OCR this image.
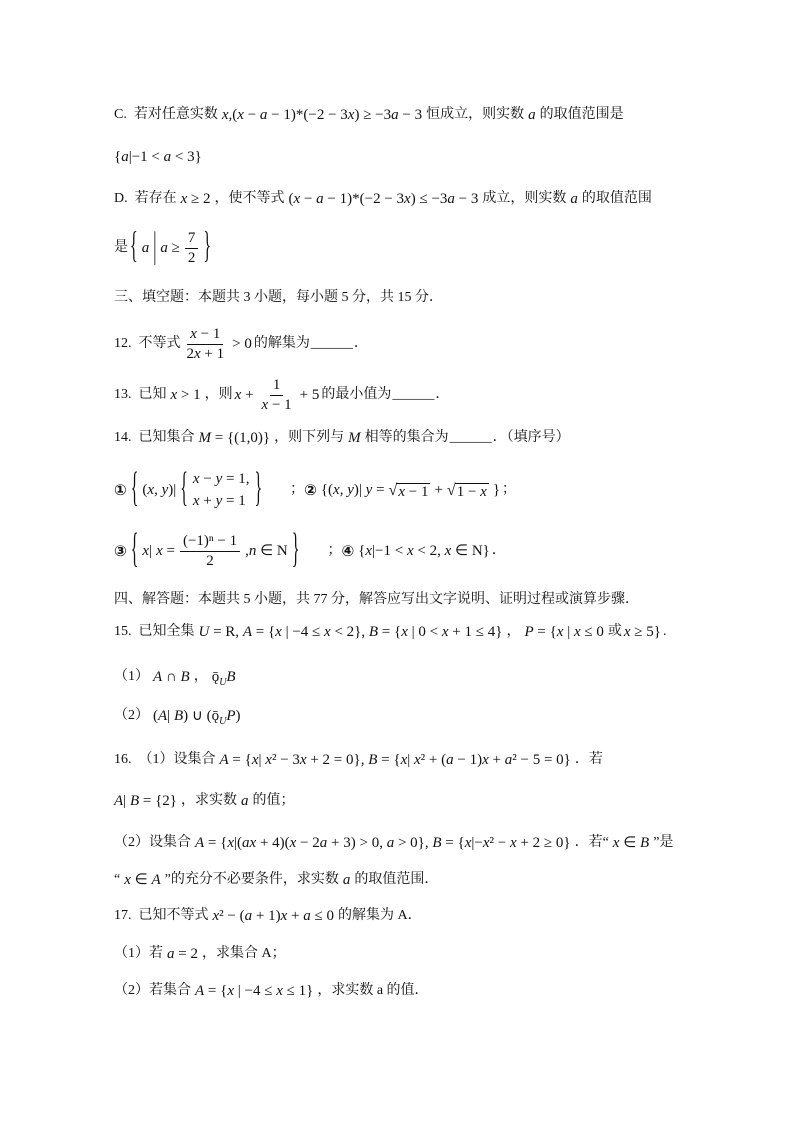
C. 若对任意实数 x,(x − a − 1)*(−2 − 3x) ≥ −3a − 3 恒成立，则实数 a 的取值范围是
{a|−1 < a < 3}
D. 若存在 x ≥ 2 ，使不等式 (x − a − 1)*(−2 − 3x) ≤ −3a − 3 成立，则实数 a 的取值范围
是 { a | $a \ge \frac{7}{2}$ }
三、填空题：本题共 3 小题，每小题 5 分，共 15 分．
12. 不等式 $\frac{x - 1}{2x + 1} > 0$ 的解集为 ______ ．
13. 已知 x > 1 ，则 $x + \frac{1}{x - 1} + 5$ 的最小值为 ______ ．
14. 已知集合 M = {(1,0)} ，则下列与 M 相等的集合为 ______ ．（填序号）
① { (x, y)| { x − y = 1,
x + y = 1 } ； ② {(x, y)| y = √ x − 1 + √ 1 − x } ；
③ { x| $x = \frac{\text{(−1)ⁿ − 1}}{2} ,n$ ∈ N } ； ④ {x|−1 < x < 2, x ∈ N} ．
四、解答题：本题共 5 小题，共 77 分，解答应写出文字说明、证明过程或演算步骤．
15. 已知全集 U = R, A = {x | −4 ≤ x < 2}, B = {x | 0 < x + 1 ≤ 4} ， P = {x | x ≤ 0 或 x ≥ 5} .
（1） A ∩ B ， $ǭ_UB$
（2） (A| B) ∪ $(ǭ_UP)$
16. （1） 设集合 A = {x| x² − 3x + 2 = 0}, B = {x| x² + (a − 1)x + a² − 5 = 0} ．若
A| B = {2} ，求实数 a 的值；
（2） 设集合 A = {x|(ax + 4)(x − 2a + 3) > 0, a > 0}, B = {x|−x² − x + 2 ≥ 0} ．若“ x ∈ B ”是
“ x ∈ A ”的充分不必要条件，求实数 a 的取值范围．
17. 已知不等式 x² − (a + 1)x + a ≤ 0 的解集为 A．
（1） 若 a = 2 ，求集合 A；
（2） 若集合 A = {x | −4 ≤ x ≤ 1} ，求实数 a 的值．
